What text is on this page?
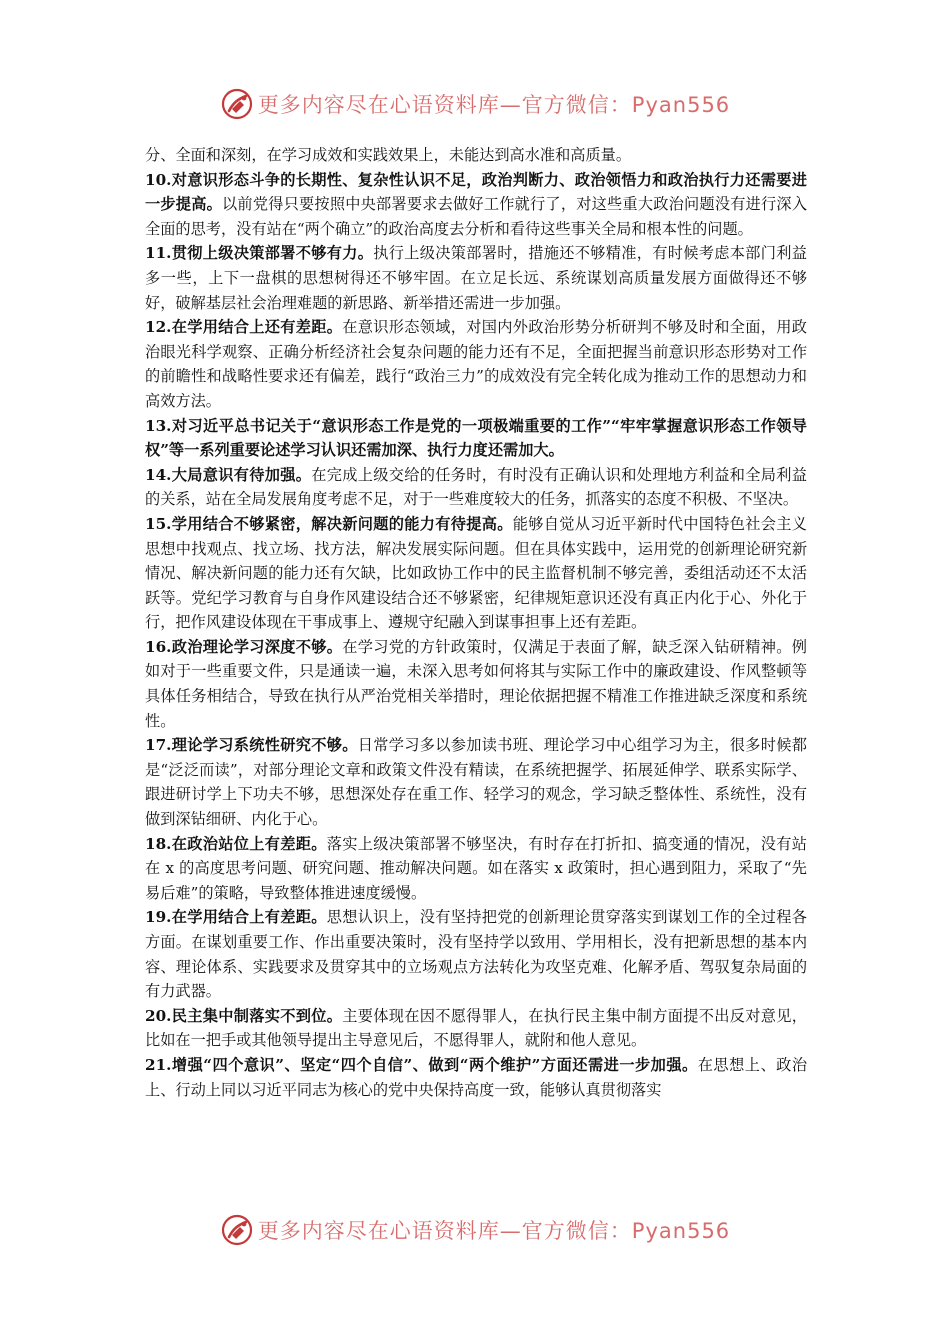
更多内容尽在心语资料库—官方微信：Pyan556

分、全面和深刻，在学习成效和实践效果上，未能达到高水准和高质量。

10.对意识形态斗争的长期性、复杂性认识不足，政治判断力、政治领悟力和政治执行力还需要进一步提高。以前党得只要按照中央部署要求去做好工作就行了，对这些重大政治问题没有进行深入全面的思考，没有站在“两个确立”的政治高度去分析和看待这些事关全局和根本性的问题。

11.贯彻上级决策部署不够有力。执行上级决策部署时，措施还不够精准，有时候考虑本部门利益多一些，上下一盘棋的思想树得还不够牢固。在立足长远、系统谋划高质量发展方面做得还不够好，破解基层社会治理难题的新思路、新举措还需进一步加强。

12.在学用结合上还有差距。在意识形态领域，对国内外政治形势分析研判不够及时和全面，用政治眼光科学观察、正确分析经济社会复杂问题的能力还有不足，全面把握当前意识形态形势对工作的前瞻性和战略性要求还有偏差，践行“政治三力”的成效没有完全转化成为推动工作的思想动力和高效方法。

13.对习近平总书记关于“意识形态工作是党的一项极端重要的工作”“牢牢掌握意识形态工作领导权”等一系列重要论述学习认识还需加深、执行力度还需加大。

14.大局意识有待加强。在完成上级交给的任务时，有时没有正确认识和处理地方利益和全局利益的关系，站在全局发展角度考虑不足，对于一些难度较大的任务，抓落实的态度不积极、不坚决。

15.学用结合不够紧密，解决新问题的能力有待提高。能够自觉从习近平新时代中国特色社会主义思想中找观点、找立场、找方法，解决发展实际问题。但在具体实践中，运用党的创新理论研究新情况、解决新问题的能力还有欠缺，比如政协工作中的民主监督机制不够完善，委组活动还不太活跃等。党纪学习教育与自身作风建设结合还不够紧密，纪律规矩意识还没有真正内化于心、外化于行，把作风建设体现在干事成事上、遵规守纪融入到谋事担事上还有差距。

16.政治理论学习深度不够。在学习党的方针政策时，仅满足于表面了解，缺乏深入钻研精神。例如对于一些重要文件，只是通读一遍，未深入思考如何将其与实际工作中的廉政建设、作风整顿等具体任务相结合，导致在执行从严治党相关举措时，理论依据把握不精准工作推进缺乏深度和系统性。

17.理论学习系统性研究不够。日常学习多以参加读书班、理论学习中心组学习为主，很多时候都是“泛泛而读”，对部分理论文章和政策文件没有精读，在系统把握学、拓展延伸学、联系实际学、跟进研讨学上下功夫不够，思想深处存在重工作、轻学习的观念，学习缺乏整体性、系统性，没有做到深钻细研、内化于心。

18.在政治站位上有差距。落实上级决策部署不够坚决，有时存在打折扣、搞变通的情况，没有站在 x 的高度思考问题、研究问题、推动解决问题。如在落实 x 政策时，担心遇到阻力，采取了“先易后难”的策略，导致整体推进速度缓慢。

19.在学用结合上有差距。思想认识上，没有坚持把党的创新理论贯穿落实到谋划工作的全过程各方面。在谋划重要工作、作出重要决策时，没有坚持学以致用、学用相长，没有把新思想的基本内容、理论体系、实践要求及贯穿其中的立场观点方法转化为攻坚克难、化解矛盾、驾驭复杂局面的有力武器。

20.民主集中制落实不到位。主要体现在因不愿得罪人，在执行民主集中制方面提不出反对意见，比如在一把手或其他领导提出主导意见后，不愿得罪人，就附和他人意见。

21.增强“四个意识”、坚定“四个自信”、做到“两个维护”方面还需进一步加强。在思想上、政治上、行动上同以习近平同志为核心的党中央保持高度一致，能够认真贯彻落实

更多内容尽在心语资料库—官方微信：Pyan556
